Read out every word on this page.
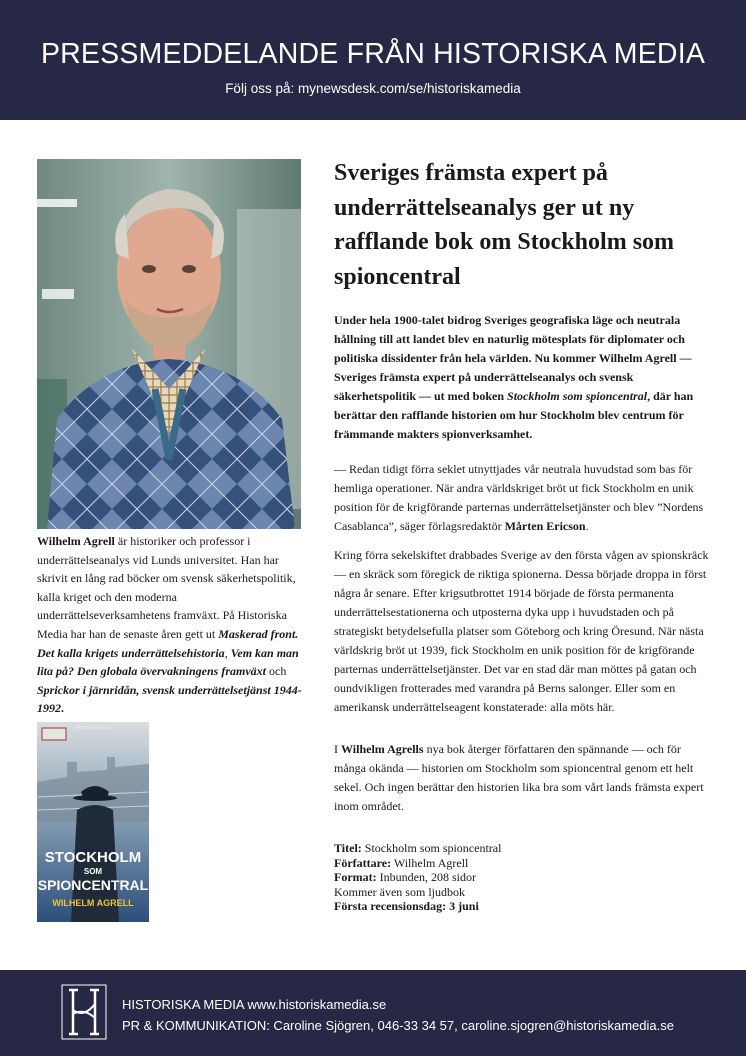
PRESSMEDDELANDE FRÅN HISTORISKA MEDIA
Följ oss på: mynewsdesk.com/se/historiskamedia

Wilhelm Agrell är historiker och professor i underrättelseanalys vid Lunds universitet. Han har skrivit en lång rad böcker om svensk säkerhetspolitik, kalla kriget och den moderna underrättelseverksamhetens framväxt. På Historiska Media har han de senaste åren gett ut Maskerad front. Det kalla krigets underrättelsehistoria, Vem kan man lita på? Den globala övervakningens framväxt och Sprickor i järnridån, svensk underrättelsetjänst 1944-1992.

HISTORISKA MEDIA
STOCKHOLM
SOM
SPIONCENTRAL
WILHELM AGRELL
Sveriges främsta expert på underrättelseanalys ger ut ny rafflande bok om Stockholm som spioncentral

Under hela 1900-talet bidrog Sveriges geografiska läge och neutrala hållning till att landet blev en naturlig mötesplats för diplomater och politiska dissidenter från hela världen. Nu kommer Wilhelm Agrell — Sveriges främsta expert på underrättelseanalys och svensk säkerhetspolitik — ut med boken Stockholm som spioncentral, där han berättar den rafflande historien om hur Stockholm blev centrum för främmande makters spionverksamhet.

— Redan tidigt förra seklet utnyttjades vår neutrala huvudstad som bas för hemliga operationer. När andra världskriget bröt ut fick Stockholm en unik position för de krigförande parternas underrättelsetjänster och blev ”Nordens Casablanca”, säger förlagsredaktör Mårten Ericson.

Kring förra sekelskiftet drabbades Sverige av den första vågen av spionskräck — en skräck som föregick de riktiga spionerna. Dessa började droppa in först några år senare. Efter krigsutbrottet 1914 började de första permanenta underrättelsestationerna och utposterna dyka upp i huvudstaden och på strategiskt betydelsefulla platser som Göteborg och kring Öresund. När nästa världskrig bröt ut 1939, fick Stockholm en unik position för de krigförande parternas underrättelsetjänster. Det var en stad där man möttes på gatan och oundvikligen frotterades med varandra på Berns salonger. Eller som en amerikansk underrättelseagent konstaterade: alla möts här.

I Wilhelm Agrells nya bok återger författaren den spännande — och för många okända — historien om Stockholm som spioncentral genom ett helt sekel. Och ingen berättar den historien lika bra som vårt lands främsta expert inom området.

Titel: Stockholm som spioncentral
Författare: Wilhelm Agrell
Format: Inbunden, 208 sidor
Kommer även som ljudbok
Första recensionsdag: 3 juni
HISTORISKA MEDIA www.historiskamedia.se
PR & KOMMUNIKATION: Caroline Sjögren, 046-33 34 57, caroline.sjogren@historiskamedia.se
